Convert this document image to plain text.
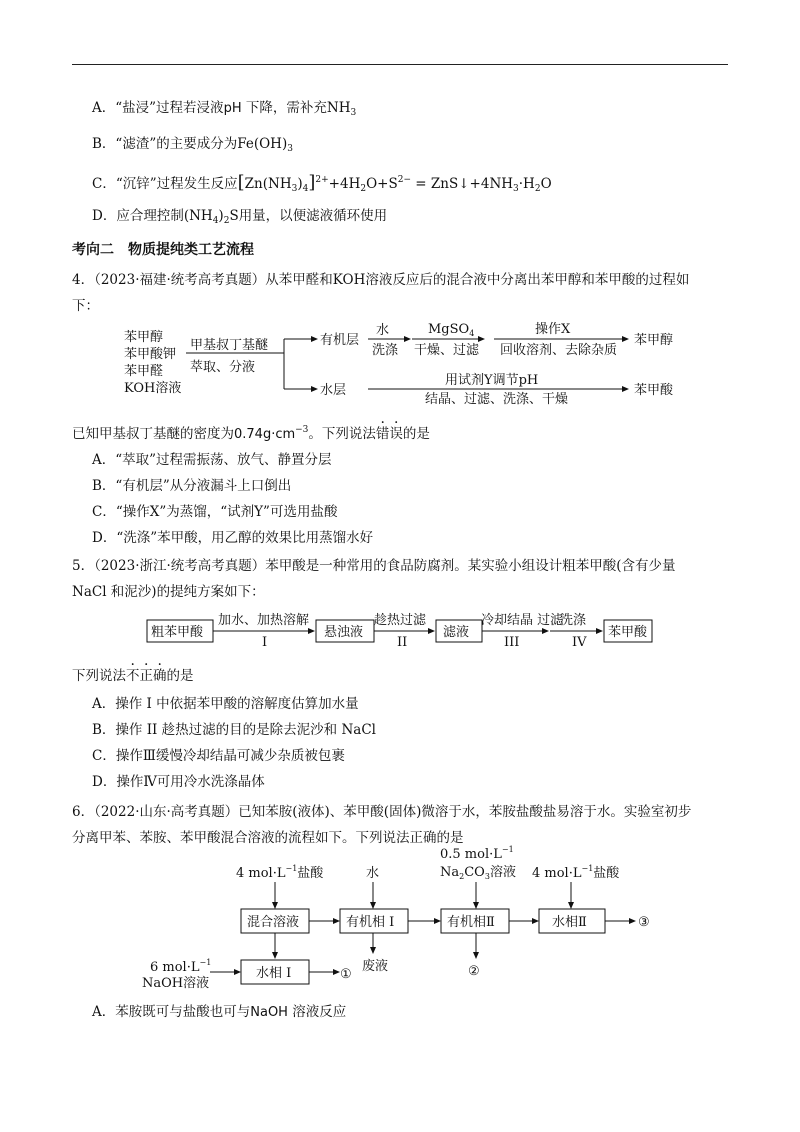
A．“盐浸”过程若浸液pH 下降，需补充$NH_3$
B．“滤渣”的主要成分为$Fe(OH)_3$
C．“沉锌”过程发生反应$[Zn(NH_3)_4]^{2+}+4H_2O+S^{2-}$ = $ZnS↓+4NH_3\cdot H_2O$
D．应合理控制$(NH_4)_2S$用量，以便滤液循环使用
考向二　物质提纯类工艺流程
4．（2023·福建·统考高考真题）从苯甲醛和KOH溶液反应后的混合液中分离出苯甲醇和苯甲酸的过程如
下：
苯甲醇
苯甲酸钾
苯甲醛
KOH溶液
甲基叔丁基醚
萃取、分液
有机层
水
洗涤
MgSO$_4$
干燥、过滤
操作X
回收溶剂、去除杂质
苯甲醇
水层
用试剂Y调节pH
结晶、过滤、洗涤、干燥
苯甲酸
已知甲基叔丁基醚的密度为$0.74g\cdot cm^{-3}$。下列说法错误的是
A．“萃取”过程需振荡、放气、静置分层
B．“有机层”从分液漏斗上口倒出
C．“操作X”为蒸馏，“试剂Y”可选用盐酸
D．“洗涤”苯甲酸，用乙醇的效果比用蒸馏水好
5．（2023·浙江·统考高考真题）苯甲酸是一种常用的食品防腐剂。某实验小组设计粗苯甲酸(含有少量
NaCl 和泥沙)的提纯方案如下：
粗苯甲酸
加水、加热溶解
I
悬浊液
趁热过滤
II
滤液
冷却结晶 过滤
III
洗涤
IV
苯甲酸
下列说法不正确的是
A．操作 I 中依据苯甲酸的溶解度估算加水量
B．操作 II 趁热过滤的目的是除去泥沙和 NaCl
C．操作Ⅲ缓慢冷却结晶可减少杂质被包裹
D．操作Ⅳ可用冷水洗涤晶体
6．（2022·山东·高考真题）已知苯胺(液体)、苯甲酸(固体)微溶于水，苯胺盐酸盐易溶于水。实验室初步
分离甲苯、苯胺、苯甲酸混合溶液的流程如下。下列说法正确的是
4 $mol\cdot L^{-1}$盐酸	水
0.5 $mol\cdot L^{-1}$
$Na_2CO_3$溶液 4 $mol\cdot L^{-1}$盐酸
混合溶液	有机相 I	有机相Ⅱ	水相Ⅱ	③
废液	②
6 $mol\cdot L^{-1}$
NaOH溶液
水相 I	①
A．苯胺既可与盐酸也可与NaOH 溶液反应
